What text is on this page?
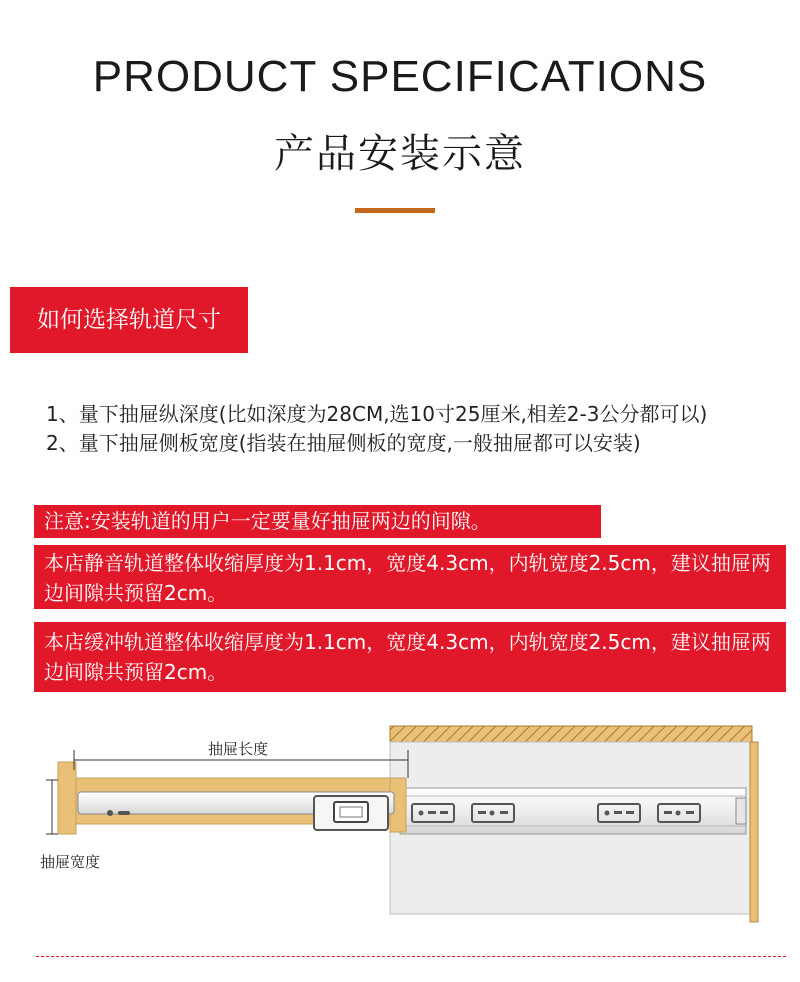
PRODUCT SPECIFICATIONS
产品安装示意
如何选择轨道尺寸

1、量下抽屉纵深度(比如深度为28CM,选10寸25厘米,相差2-3公分都可以)

2、量下抽屉侧板宽度(指装在抽屉侧板的宽度,一般抽屉都可以安装)

注意:安装轨道的用户一定要量好抽屉两边的间隙。

本店静音轨道整体收缩厚度为1.1cm，宽度4.3cm，内轨宽度2.5cm，建议抽屉两边间隙共预留2cm。

本店缓冲轨道整体收缩厚度为1.1cm，宽度4.3cm，内轨宽度2.5cm，建议抽屉两边间隙共预留2cm。

抽屉长度
抽屉宽度
